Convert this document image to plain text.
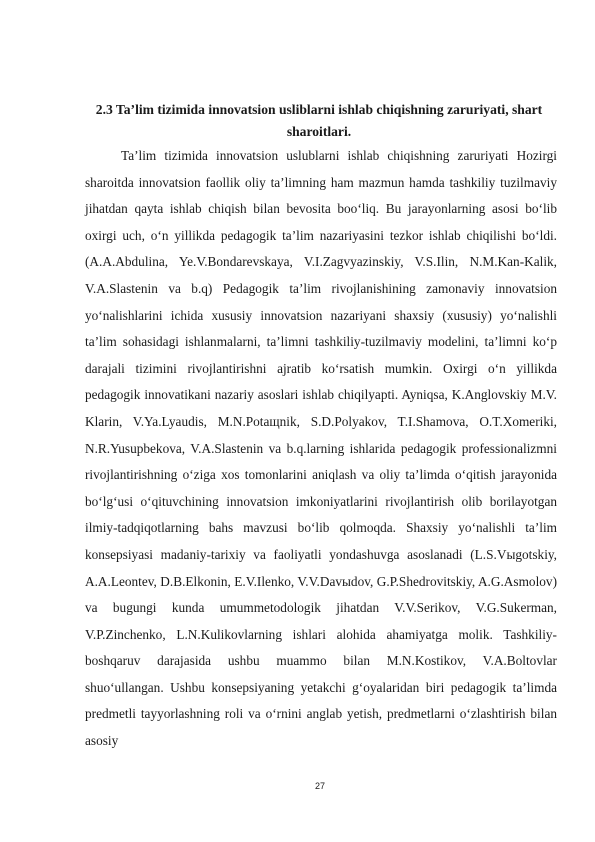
2.3 Ta’lim tizimida innovatsion usliblarni ishlab chiqishning zaruriyati, shart
sharoitlari.

Ta’lim tizimida innovatsion uslublarni ishlab chiqishning zaruriyati Hozirgi sharoitda innovatsion faollik oliy ta’limning ham mazmun hamda tashkiliy tuzilmaviy jihatdan qayta ishlab chiqish bilan bevosita boo‘liq. Bu jarayonlarning asosi bo‘lib oxirgi uch, o‘n yillikda pedagogik ta’lim nazariyasini tezkor ishlab chiqilishi bo‘ldi. (A.A.Abdulina, Ye.V.Bondarevskaya, V.I.Zagvyazinskiy, V.S.Ilin, N.M.Kan-Kalik, V.A.Slastenin va b.q) Pedagogik ta’lim rivojlanishining zamonaviy innovatsion yo‘nalishlarini ichida xususiy innovatsion nazariyani shaxsiy (xususiy) yo‘nalishli ta’lim sohasidagi ishlanmalarni, ta’limni tashkiliy-tuzilmaviy modelini, ta’limni ko‘p darajali tizimini rivojlantirishni ajratib ko‘rsatish mumkin. Oxirgi o‘n yillikda pedagogik innovatikani nazariy asoslari ishlab chiqilyapti. Ayniqsa, K.Anglovskiy M.V. Klarin, V.Ya.Lyaudis, M.N.Potaщnik, S.D.Polyakov, T.I.Shamova, O.T.Xomeriki, N.R.Yusupbekova, V.A.Slastenin va b.q.larning ishlarida pedagogik professionalizmni rivojlantirishning o‘ziga xos tomonlarini aniqlash va oliy ta’limda o‘qitish jarayonida bo‘lg‘usi o‘qituvchining innovatsion imkoniyatlarini rivojlantirish olib borilayotgan ilmiy-tadqiqotlarning bahs mavzusi bo‘lib qolmoqda. Shaxsiy yo‘nalishli ta’lim konsepsiyasi madaniy-tarixiy va faoliyatli yondashuvga asoslanadi (L.S.Vыgotskiy, A.A.Leontev, D.B.Elkonin, E.V.Ilenko, V.V.Davыdov, G.P.Shedrovitskiy, A.G.Asmolov) va bugungi kunda umummetodologik jihatdan V.V.Serikov, V.G.Sukerman, V.P.Zinchenko, L.N.Kulikovlarning ishlari alohida ahamiyatga molik. Tashkiliy-boshqaruv darajasida ushbu muammo bilan M.N.Kostikov, V.A.Boltovlar shuo‘ullangan. Ushbu konsepsiyaning yetakchi g‘oyalaridan biri pedagogik ta’limda predmetli tayyorlashning roli va o‘rnini anglab yetish, predmetlarni o‘zlashtirish bilan asosiy

27
